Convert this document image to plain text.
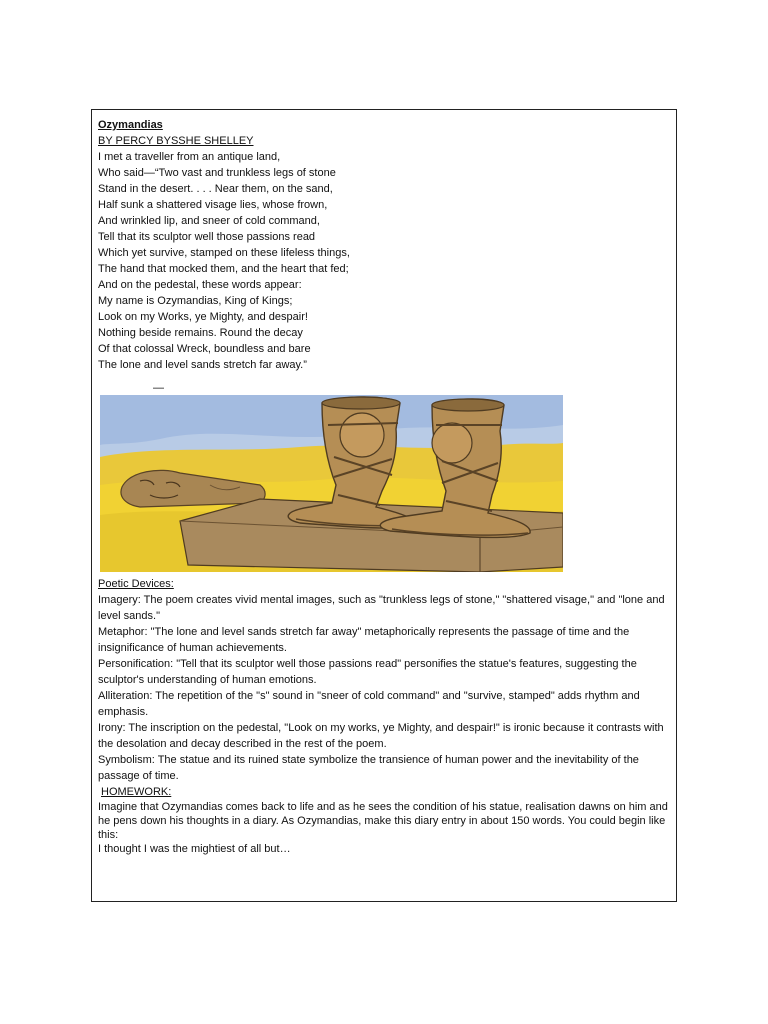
Ozymandias
BY PERCY BYSSHE SHELLEY
I met a traveller from an antique land,
Who said—“Two vast and trunkless legs of stone
Stand in the desert. . . . Near them, on the sand,
Half sunk a shattered visage lies, whose frown,
And wrinkled lip, and sneer of cold command,
Tell that its sculptor well those passions read
Which yet survive, stamped on these lifeless things,
The hand that mocked them, and the heart that fed;
And on the pedestal, these words appear:
My name is Ozymandias, King of Kings;
Look on my Works, ye Mighty, and despair!
Nothing beside remains. Round the decay
Of that colossal Wreck, boundless and bare
The lone and level sands stretch far away.”
—
Poetic Devices:

Imagery: The poem creates vivid mental images, such as "trunkless legs of stone," "shattered visage," and "lone and level sands."

Metaphor: "The lone and level sands stretch far away" metaphorically represents the passage of time and the insignificance of human achievements.

Personification: "Tell that its sculptor well those passions read" personifies the statue's features, suggesting the sculptor's understanding of human emotions.

Alliteration: The repetition of the "s" sound in "sneer of cold command" and "survive, stamped" adds rhythm and emphasis.

Irony: The inscription on the pedestal, "Look on my works, ye Mighty, and despair!" is ironic because it contrasts with the desolation and decay described in the rest of the poem.

Symbolism: The statue and its ruined state symbolize the transience of human power and the inevitability of the passage of time.

HOMEWORK:

Imagine that Ozymandias comes back to life and as he sees the condition of his statue, realisation dawns on him and he pens down his thoughts in a diary. As Ozymandias, make this diary entry in about 150 words. You could begin like this:

I thought I was the mightiest of all but…
